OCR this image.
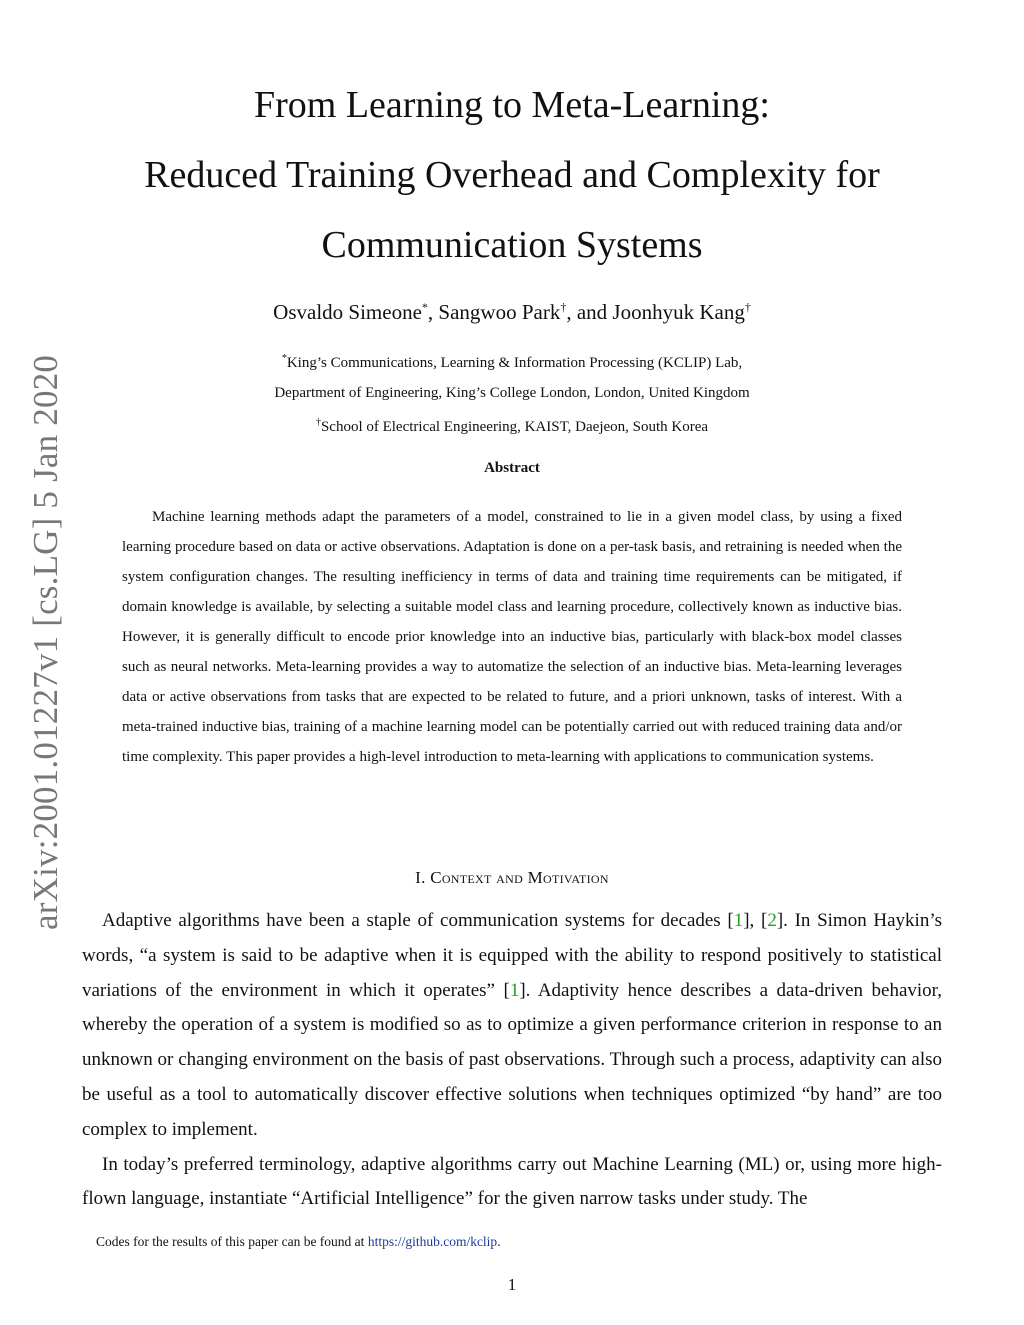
arXiv:2001.01227v1 [cs.LG] 5 Jan 2020
From Learning to Meta-Learning:
Reduced Training Overhead and Complexity for
Communication Systems
Osvaldo Simeone*, Sangwoo Park†, and Joonhyuk Kang†
*King’s Communications, Learning & Information Processing (KCLIP) Lab,
Department of Engineering, King’s College London, London, United Kingdom
†School of Electrical Engineering, KAIST, Daejeon, South Korea
Abstract

Machine learning methods adapt the parameters of a model, constrained to lie in a given model class, by using a fixed learning procedure based on data or active observations. Adaptation is done on a per-task basis, and retraining is needed when the system configuration changes. The resulting inefficiency in terms of data and training time requirements can be mitigated, if domain knowledge is available, by selecting a suitable model class and learning procedure, collectively known as inductive bias. However, it is generally difficult to encode prior knowledge into an inductive bias, particularly with black-box model classes such as neural networks. Meta-learning provides a way to automatize the selection of an inductive bias. Meta-learning leverages data or active observations from tasks that are expected to be related to future, and a priori unknown, tasks of interest. With a meta-trained inductive bias, training of a machine learning model can be potentially carried out with reduced training data and/or time complexity. This paper provides a high-level introduction to meta-learning with applications to communication systems.

I. Context and Motivation

Adaptive algorithms have been a staple of communication systems for decades [1], [2]. In Simon Haykin’s words, “a system is said to be adaptive when it is equipped with the ability to respond positively to statistical variations of the environment in which it operates” [1]. Adaptivity hence describes a data-driven behavior, whereby the operation of a system is modified so as to optimize a given performance criterion in response to an unknown or changing environment on the basis of past observations. Through such a process, adaptivity can also be useful as a tool to automatically discover effective solutions when techniques optimized “by hand” are too complex to implement.

In today’s preferred terminology, adaptive algorithms carry out Machine Learning (ML) or, using more high-flown language, instantiate “Artificial Intelligence” for the given narrow tasks under study. The

Codes for the results of this paper can be found at https://github.com/kclip.
1
